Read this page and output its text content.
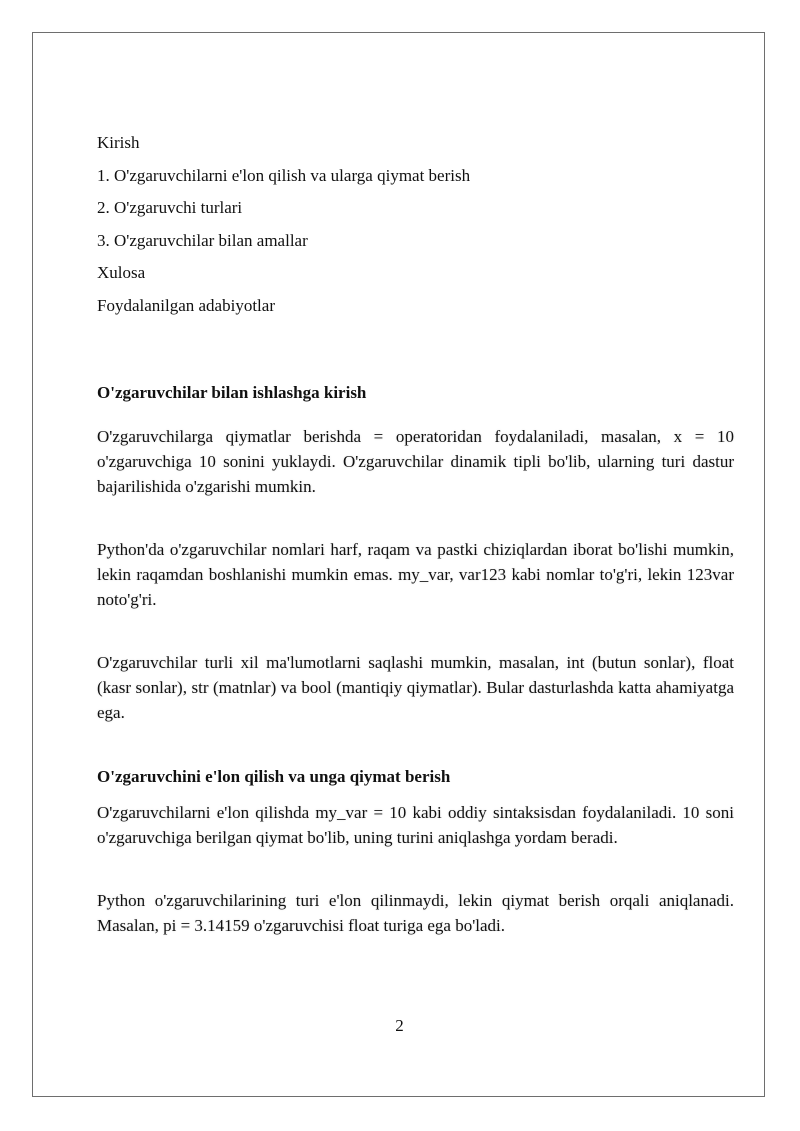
Kirish

1. O'zgaruvchilarni e'lon qilish va ularga qiymat berish

2. O'zgaruvchi turlari

3. O'zgaruvchilar bilan amallar

Xulosa

Foydalanilgan adabiyotlar

O'zgaruvchilar bilan ishlashga kirish

O'zgaruvchilarga qiymatlar berishda = operatoridan foydalaniladi, masalan, x = 10 o'zgaruvchiga 10 sonini yuklaydi. O'zgaruvchilar dinamik tipli bo'lib, ularning turi dastur bajarilishida o'zgarishi mumkin.

Python'da o'zgaruvchilar nomlari harf, raqam va pastki chiziqlardan iborat bo'lishi mumkin, lekin raqamdan boshlanishi mumkin emas. my_var, var123 kabi nomlar to'g'ri, lekin 123var noto'g'ri.

O'zgaruvchilar turli xil ma'lumotlarni saqlashi mumkin, masalan, int (butun sonlar), float (kasr sonlar), str (matnlar) va bool (mantiqiy qiymatlar). Bular dasturlashda katta ahamiyatga ega.

O'zgaruvchini e'lon qilish va unga qiymat berish

O'zgaruvchilarni e'lon qilishda my_var = 10 kabi oddiy sintaksisdan foydalaniladi. 10 soni o'zgaruvchiga berilgan qiymat bo'lib, uning turini aniqlashga yordam beradi.

Python o'zgaruvchilarining turi e'lon qilinmaydi, lekin qiymat berish orqali aniqlanadi. Masalan, pi = 3.14159 o'zgaruvchisi float turiga ega bo'ladi.

2
